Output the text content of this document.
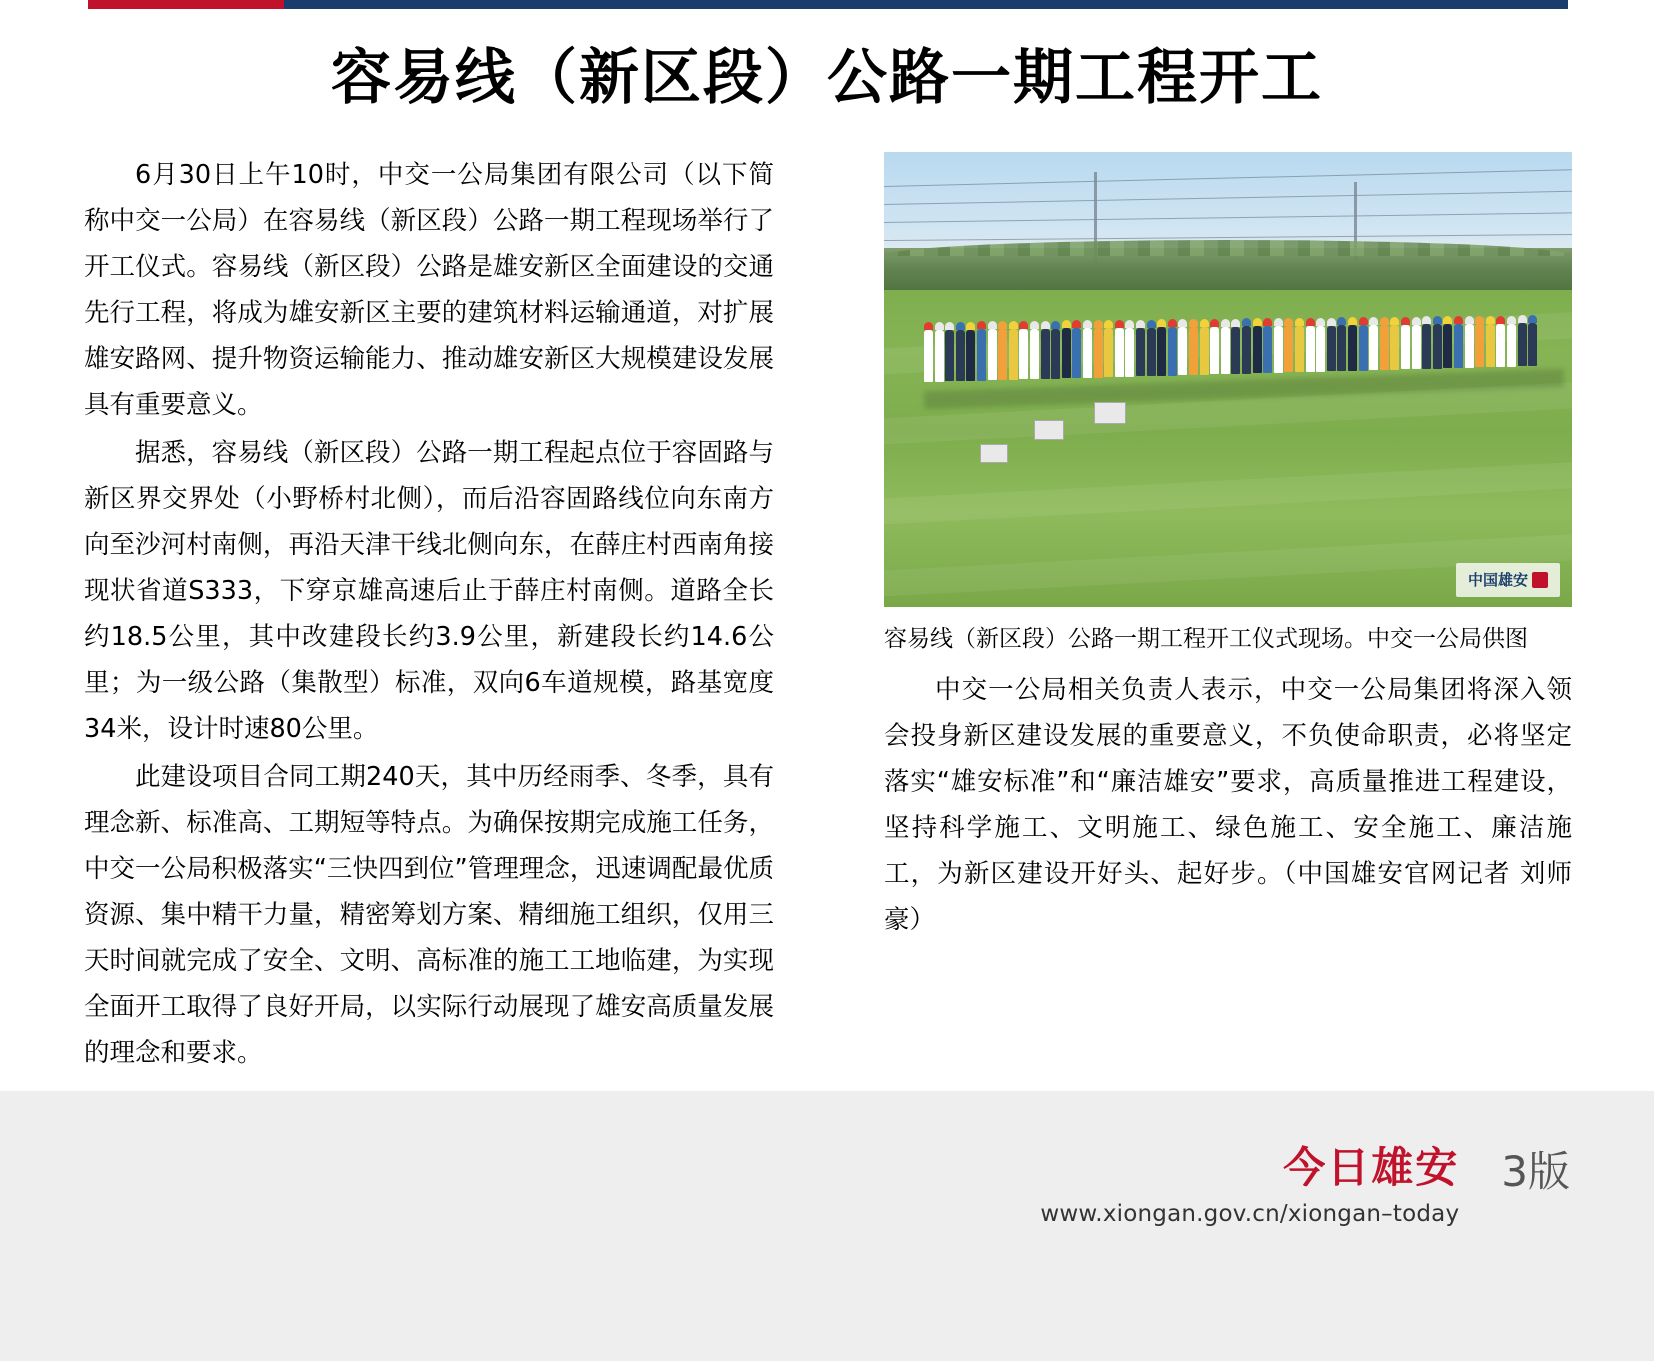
容易线（新区段）公路一期工程开工

6月30日上午10时，中交一公局集团有限公司（以下简称中交一公局）在容易线（新区段）公路一期工程现场举行了开工仪式。容易线（新区段）公路是雄安新区全面建设的交通先行工程，将成为雄安新区主要的建筑材料运输通道，对扩展雄安路网、提升物资运输能力、推动雄安新区大规模建设发展具有重要意义。

据悉，容易线（新区段）公路一期工程起点位于容固路与新区界交界处（小野桥村北侧），而后沿容固路线位向东南方向至沙河村南侧，再沿天津干线北侧向东，在薛庄村西南角接现状省道S333，下穿京雄高速后止于薛庄村南侧。道路全长约18.5公里，其中改建段长约3.9公里，新建段长约14.6公里；为一级公路（集散型）标准，双向6车道规模，路基宽度34米，设计时速80公里。

此建设项目合同工期240天，其中历经雨季、冬季，具有理念新、标准高、工期短等特点。为确保按期完成施工任务，中交一公局积极落实“三快四到位”管理理念，迅速调配最优质资源、集中精干力量，精密筹划方案、精细施工组织，仅用三天时间就完成了安全、文明、高标准的施工工地临建，为实现全面开工取得了良好开局，以实际行动展现了雄安高质量发展的理念和要求。

中国雄安
容易线（新区段）公路一期工程开工仪式现场。中交一公局供图

中交一公局相关负责人表示，中交一公局集团将深入领会投身新区建设发展的重要意义，不负使命职责，必将坚定落实“雄安标准”和“廉洁雄安”要求，高质量推进工程建设，坚持科学施工、文明施工、绿色施工、安全施工、廉洁施工，为新区建设开好头、起好步。（中国雄安官网记者 刘师豪）

今日雄安
www.xiongan.gov.cn/xiongan–today
3版
